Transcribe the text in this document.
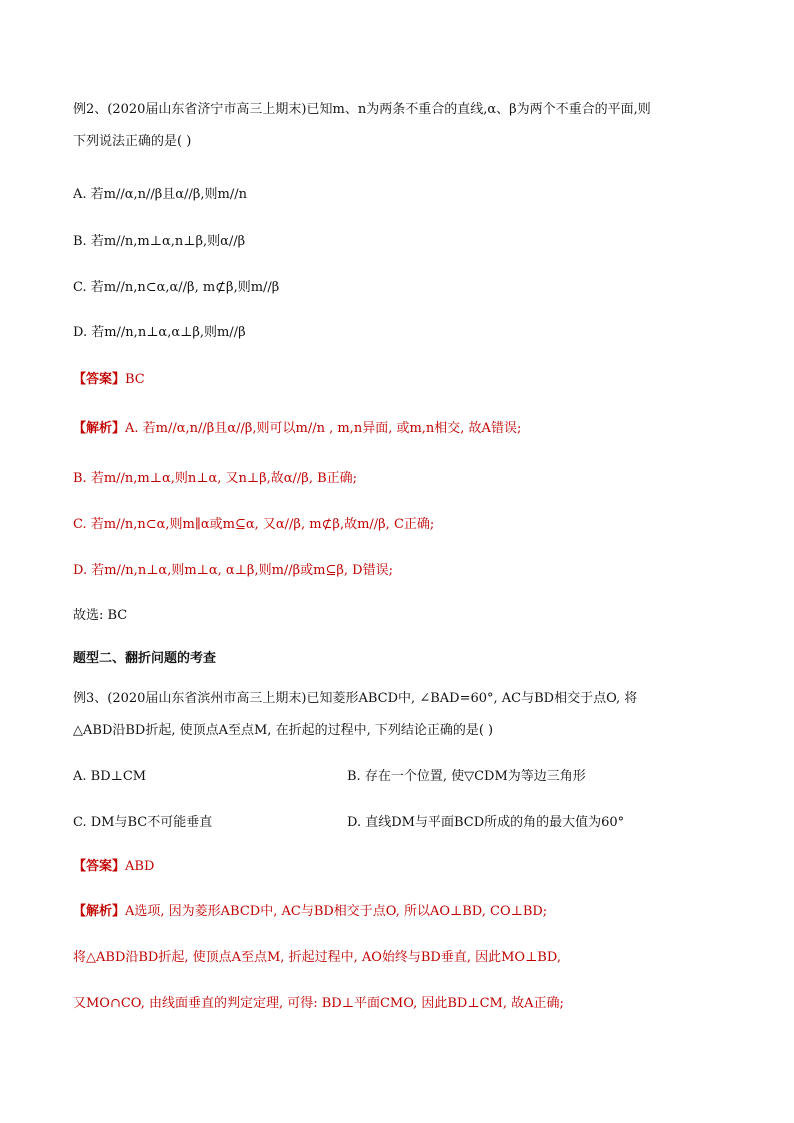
例2、(2020届山东省济宁市高三上期末)已知m、n为两条不重合的直线,α、β为两个不重合的平面,则
下列说法正确的是( )
A. 若m//α,n//β且α//β,则m//n
B. 若m//n,m⊥α,n⊥β,则α//β
C. 若m//n,n⊂α,α//β, m⊄β,则m//β
D. 若m//n,n⊥α,α⊥β,则m//β
【答案】BC
【解析】A. 若m//α,n//β且α//β,则可以m//n , m,n异面, 或m,n相交, 故A错误;
B. 若m//n,m⊥α,则n⊥α, 又n⊥β,故α//β, B正确;
C. 若m//n,n⊂α,则m∥α或m⊆α, 又α//β, m⊄β,故m//β, C正确;
D. 若m//n,n⊥α,则m⊥α, α⊥β,则m//β或m⊆β, D错误;
故选: BC
题型二、翻折问题的考查
例3、(2020届山东省滨州市高三上期末)已知菱形ABCD中, ∠BAD=60°, AC与BD相交于点O, 将
△ABD沿BD折起, 使顶点A至点M, 在折起的过程中, 下列结论正确的是( )
A. BD⊥CM	B. 存在一个位置, 使▽CDM为等边三角形
C. DM与BC不可能垂直	D. 直线DM与平面BCD所成的角的最大值为60°
【答案】ABD
【解析】A选项, 因为菱形ABCD中, AC与BD相交于点O, 所以AO⊥BD, CO⊥BD;
将△ABD沿BD折起, 使顶点A至点M, 折起过程中, AO始终与BD垂直, 因此MO⊥BD,
又MO∩CO, 由线面垂直的判定定理, 可得: BD⊥平面CMO, 因此BD⊥CM, 故A正确;
